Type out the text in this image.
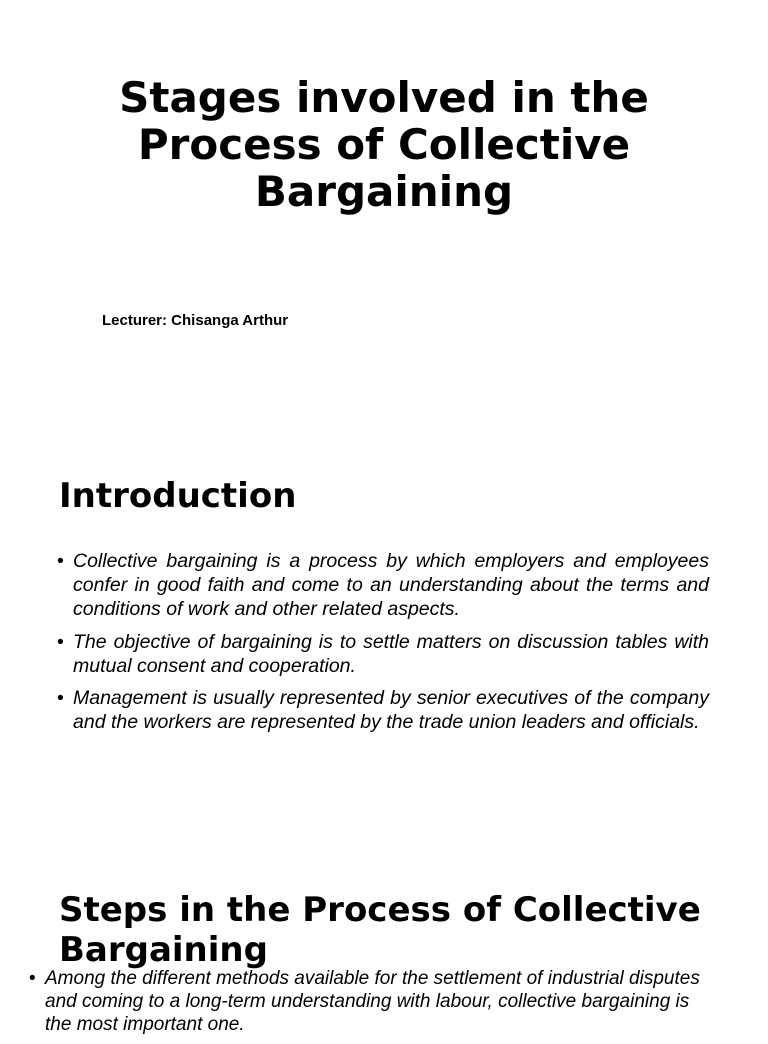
Stages involved in the Process of Collective Bargaining

Lecturer: Chisanga Arthur

Introduction
• Collective bargaining is a process by which employers and employees confer in good faith and come to an understanding about the terms and conditions of work and other related aspects.
• The objective of bargaining is to settle matters on discussion tables with mutual consent and cooperation.
• Management is usually represented by senior executives of the company and the workers are represented by the trade union leaders and officials.
Steps in the Process of Collective Bargaining
• Among the different methods available for the settlement of industrial disputes and coming to a long-term understanding with labour, collective bargaining is the most important one.
